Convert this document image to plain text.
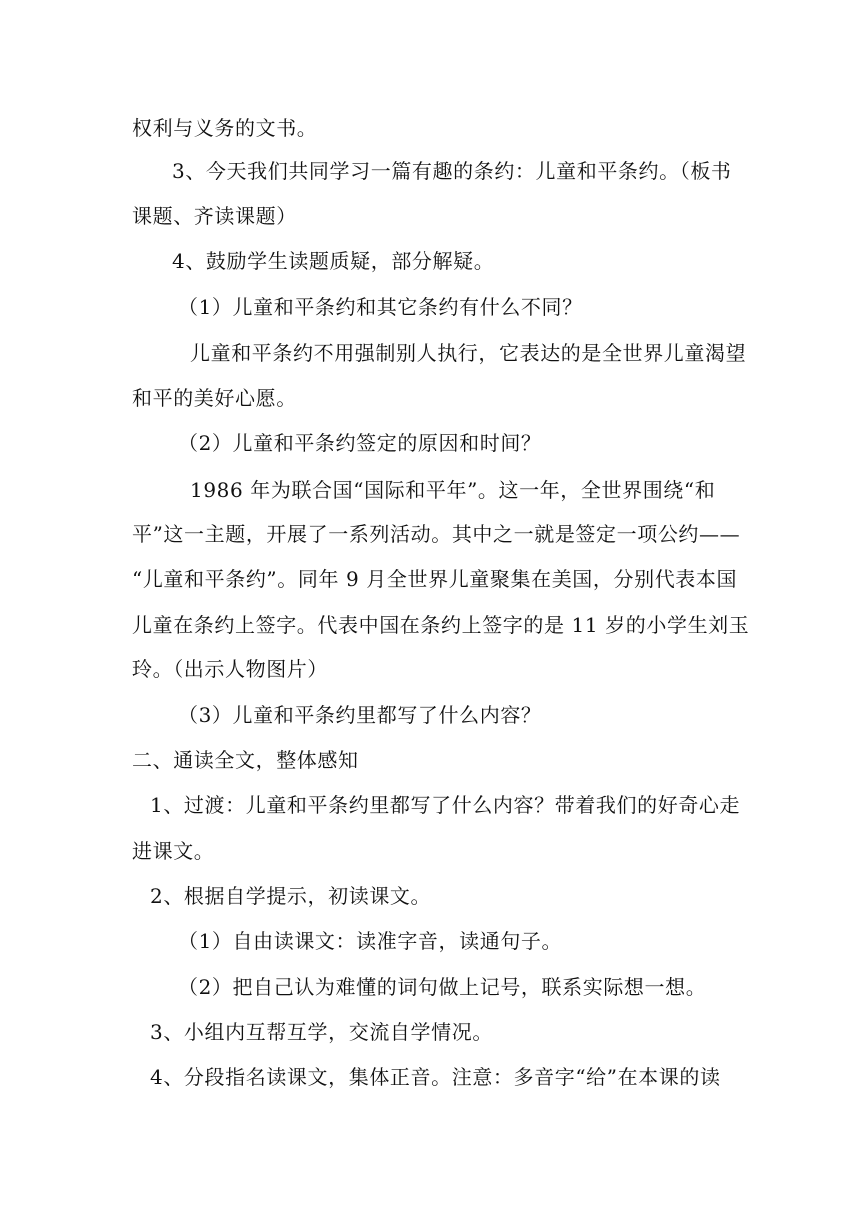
权利与义务的文书。
3、今天我们共同学习一篇有趣的条约：儿童和平条约。（板书
课题、齐读课题）
4、鼓励学生读题质疑，部分解疑。
（1）儿童和平条约和其它条约有什么不同？
儿童和平条约不用强制别人执行，它表达的是全世界儿童渴望
和平的美好心愿。
（2）儿童和平条约签定的原因和时间？
1986 年为联合国“国际和平年”。这一年，全世界围绕“和
平”这一主题，开展了一系列活动。其中之一就是签定一项公约——
“儿童和平条约”。同年 9 月全世界儿童聚集在美国，分别代表本国
儿童在条约上签字。代表中国在条约上签字的是 11 岁的小学生刘玉
玲。（出示人物图片）
（3）儿童和平条约里都写了什么内容？
二、通读全文，整体感知
1、过渡：儿童和平条约里都写了什么内容？带着我们的好奇心走
进课文。
2、根据自学提示，初读课文。
（1）自由读课文：读准字音，读通句子。
（2）把自己认为难懂的词句做上记号，联系实际想一想。
3、小组内互帮互学，交流自学情况。
4、分段指名读课文，集体正音。注意：多音字“给”在本课的读
